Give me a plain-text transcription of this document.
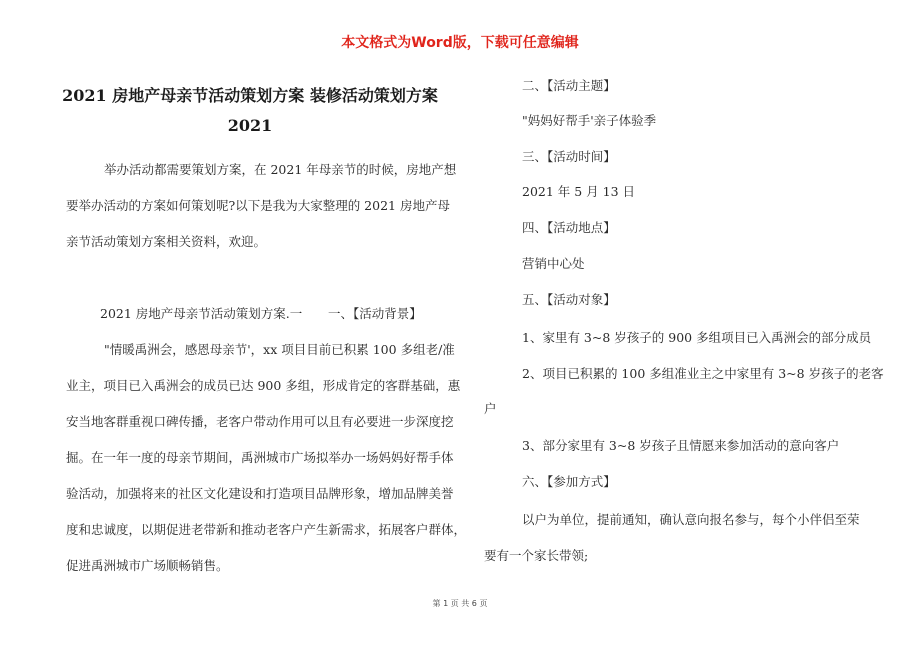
本文格式为Word版，下载可任意编辑
2021 房地产母亲节活动策划方案 装修活动策划方案
2021
举办活动都需要策划方案，在 2021 年母亲节的时候，房地产想
要举办活动的方案如何策划呢?以下是我为大家整理的 2021 房地产母
亲节活动策划方案相关资料，欢迎。
2021 房地产母亲节活动策划方案.一 一、【活动背景】
"情暖禹洲会，感恩母亲节'，xx 项目目前已积累 100 多组老/准
业主，项目已入禹洲会的成员已达 900 多组，形成肯定的客群基础，惠
安当地客群重视口碑传播，老客户带动作用可以且有必要进一步深度挖
掘。在一年一度的母亲节期间，禹洲城市广场拟举办一场妈妈好帮手体
验活动，加强将来的社区文化建设和打造项目品牌形象，增加品牌美誉
度和忠诚度，以期促进老带新和推动老客户产生新需求，拓展客户群体，
促进禹洲城市广场顺畅销售。
二、【活动主题】
"妈妈好帮手'亲子体验季
三、【活动时间】
2021 年 5 月 13 日
四、【活动地点】
营销中心处
五、【活动对象】
1、家里有 3~8 岁孩子的 900 多组项目已入禹洲会的部分成员
2、项目已积累的 100 多组准业主之中家里有 3~8 岁孩子的老客
户
3、部分家里有 3~8 岁孩子且情愿来参加活动的意向客户
六、【参加方式】
以户为单位，提前通知，确认意向报名参与，每个小伴侣至荣
要有一个家长带领;
第 1 页 共 6 页
